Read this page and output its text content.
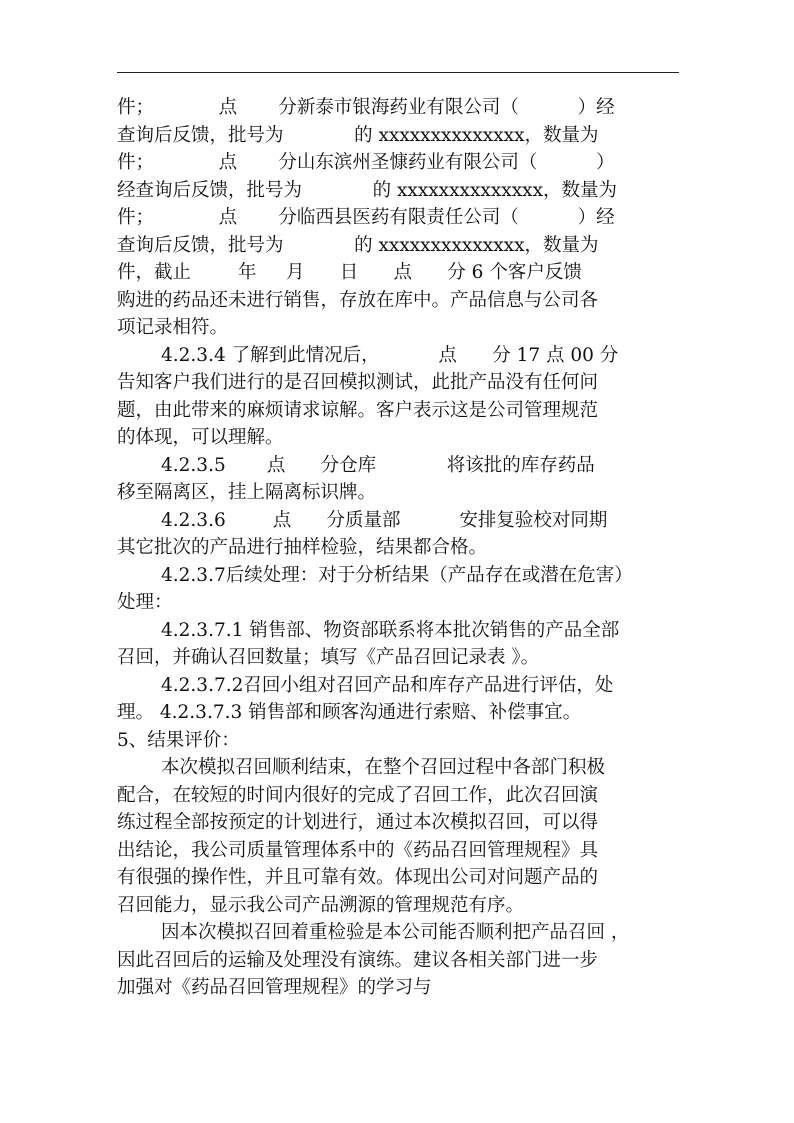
件；           点       分新泰市银海药业有限公司（          ）经
查询后反馈，批号为            的 xxxxxxxxxxxxxx，数量为
件；           点       分山东滨州圣慷药业有限公司（          ）
经查询后反馈，批号为            的 xxxxxxxxxxxxxx，数量为
件；           点       分临西县医药有限责任公司（          ）经
查询后反馈，批号为            的 xxxxxxxxxxxxxx，数量为
件，截止        年     月      日      点      分 6 个客户反馈
购进的药品还未进行销售，存放在库中。产品信息与公司各
项记录相符。
4.2.3.4 了解到此情况后，          点      分 17 点 00 分
告知客户我们进行的是召回模拟测试，此批产品没有任何问
题，由此带来的麻烦请求谅解。客户表示这是公司管理规范
的体现，可以理解。
4.2.3.5       点      分仓库            将该批的库存药品
移至隔离区，挂上隔离标识牌。
4.2.3.6        点      分质量部          安排复验校对同期
其它批次的产品进行抽样检验，结果都合格。
4.2.3.7后续处理：对于分析结果（产品存在或潜在危害）
处理：
4.2.3.7.1 销售部、物资部联系将本批次销售的产品全部
召回，并确认召回数量；填写《产品召回记录表 》。
4.2.3.7.2召回小组对召回产品和库存产品进行评估，处
理。 4.2.3.7.3 销售部和顾客沟通进行索赔、补偿事宜。
5、结果评价：
本次模拟召回顺利结束，在整个召回过程中各部门积极
配合，在较短的时间内很好的完成了召回工作，此次召回演
练过程全部按预定的计划进行，通过本次模拟召回，可以得
出结论，我公司质量管理体系中的《药品召回管理规程》具
有很强的操作性，并且可靠有效。体现出公司对问题产品的
召回能力，显示我公司产品溯源的管理规范有序。
因本次模拟召回着重检验是本公司能否顺利把产品召回 ，
因此召回后的运输及处理没有演练。建议各相关部门进一步
加强对《药品召回管理规程》的学习与
